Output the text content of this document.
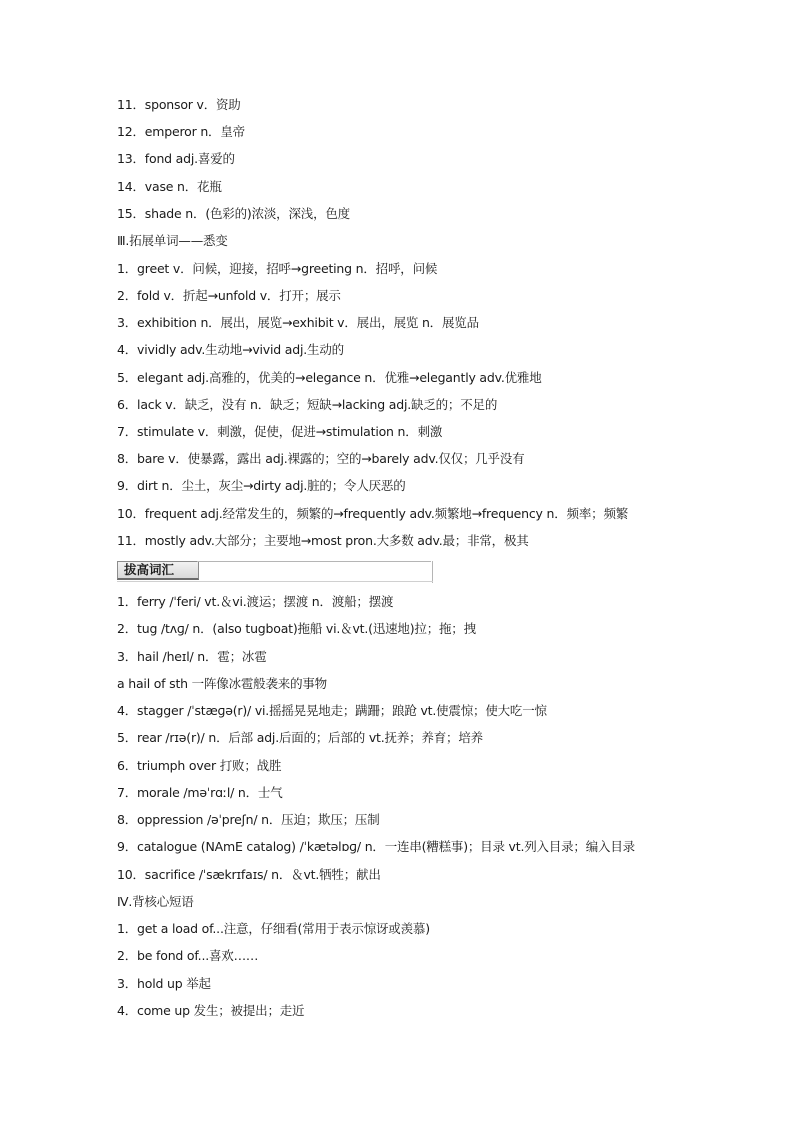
11．sponsor v．资助
12．emperor n．皇帝
13．fond adj.喜爱的
14．vase n．花瓶
15．shade n．(色彩的)浓淡，深浅，色度
Ⅲ.拓展单词——悉变
1．greet v．问候，迎接，招呼→greeting n．招呼，问候
2．fold v．折起→unfold v．打开；展示
3．exhibition n．展出，展览→exhibit v．展出，展览 n．展览品
4．vividly adv.生动地→vivid adj.生动的
5．elegant adj.高雅的，优美的→elegance n．优雅→elegantly adv.优雅地
6．lack v．缺乏，没有 n．缺乏；短缺→lacking adj.缺乏的；不足的
7．stimulate v．刺激，促使，促进→stimulation n．刺激
8．bare v．使暴露，露出 adj.裸露的；空的→barely adv.仅仅；几乎没有
9．dirt n．尘土，灰尘→dirty adj.脏的；令人厌恶的
10．frequent adj.经常发生的，频繁的→frequently adv.频繁地→frequency n．频率；频繁
11．mostly adv.大部分；主要地→most pron.大多数 adv.最；非常，极其
拔高词汇
1．ferry /ˈferi/ vt.＆vi.渡运；摆渡 n．渡船；摆渡
2．tug /tʌɡ/ n．(also tugboat)拖船 vi.＆vt.(迅速地)拉；拖；拽
3．hail /heɪl/ n．雹；冰雹
a hail of sth 一阵像冰雹般袭来的事物
4．stagger /ˈstæɡə(r)/ vi.摇摇晃晃地走；蹒跚；踉跄 vt.使震惊；使大吃一惊
5．rear /rɪə(r)/ n．后部 adj.后面的；后部的 vt.抚养；养育；培养
6．triumph over 打败；战胜
7．morale /məˈrɑːl/ n．士气
8．oppression /əˈpreʃn/ n．压迫；欺压；压制
9．catalogue (NAmE catalog) /ˈkætəlɒɡ/ n．一连串(糟糕事)；目录 vt.列入目录；编入目录
10．sacrifice /ˈsækrɪfaɪs/ n．＆vt.牺牲；献出
Ⅳ.背核心短语
1．get a load of...注意，仔细看(常用于表示惊讶或羡慕)
2．be fond of...喜欢……
3．hold up 举起
4．come up 发生；被提出；走近
